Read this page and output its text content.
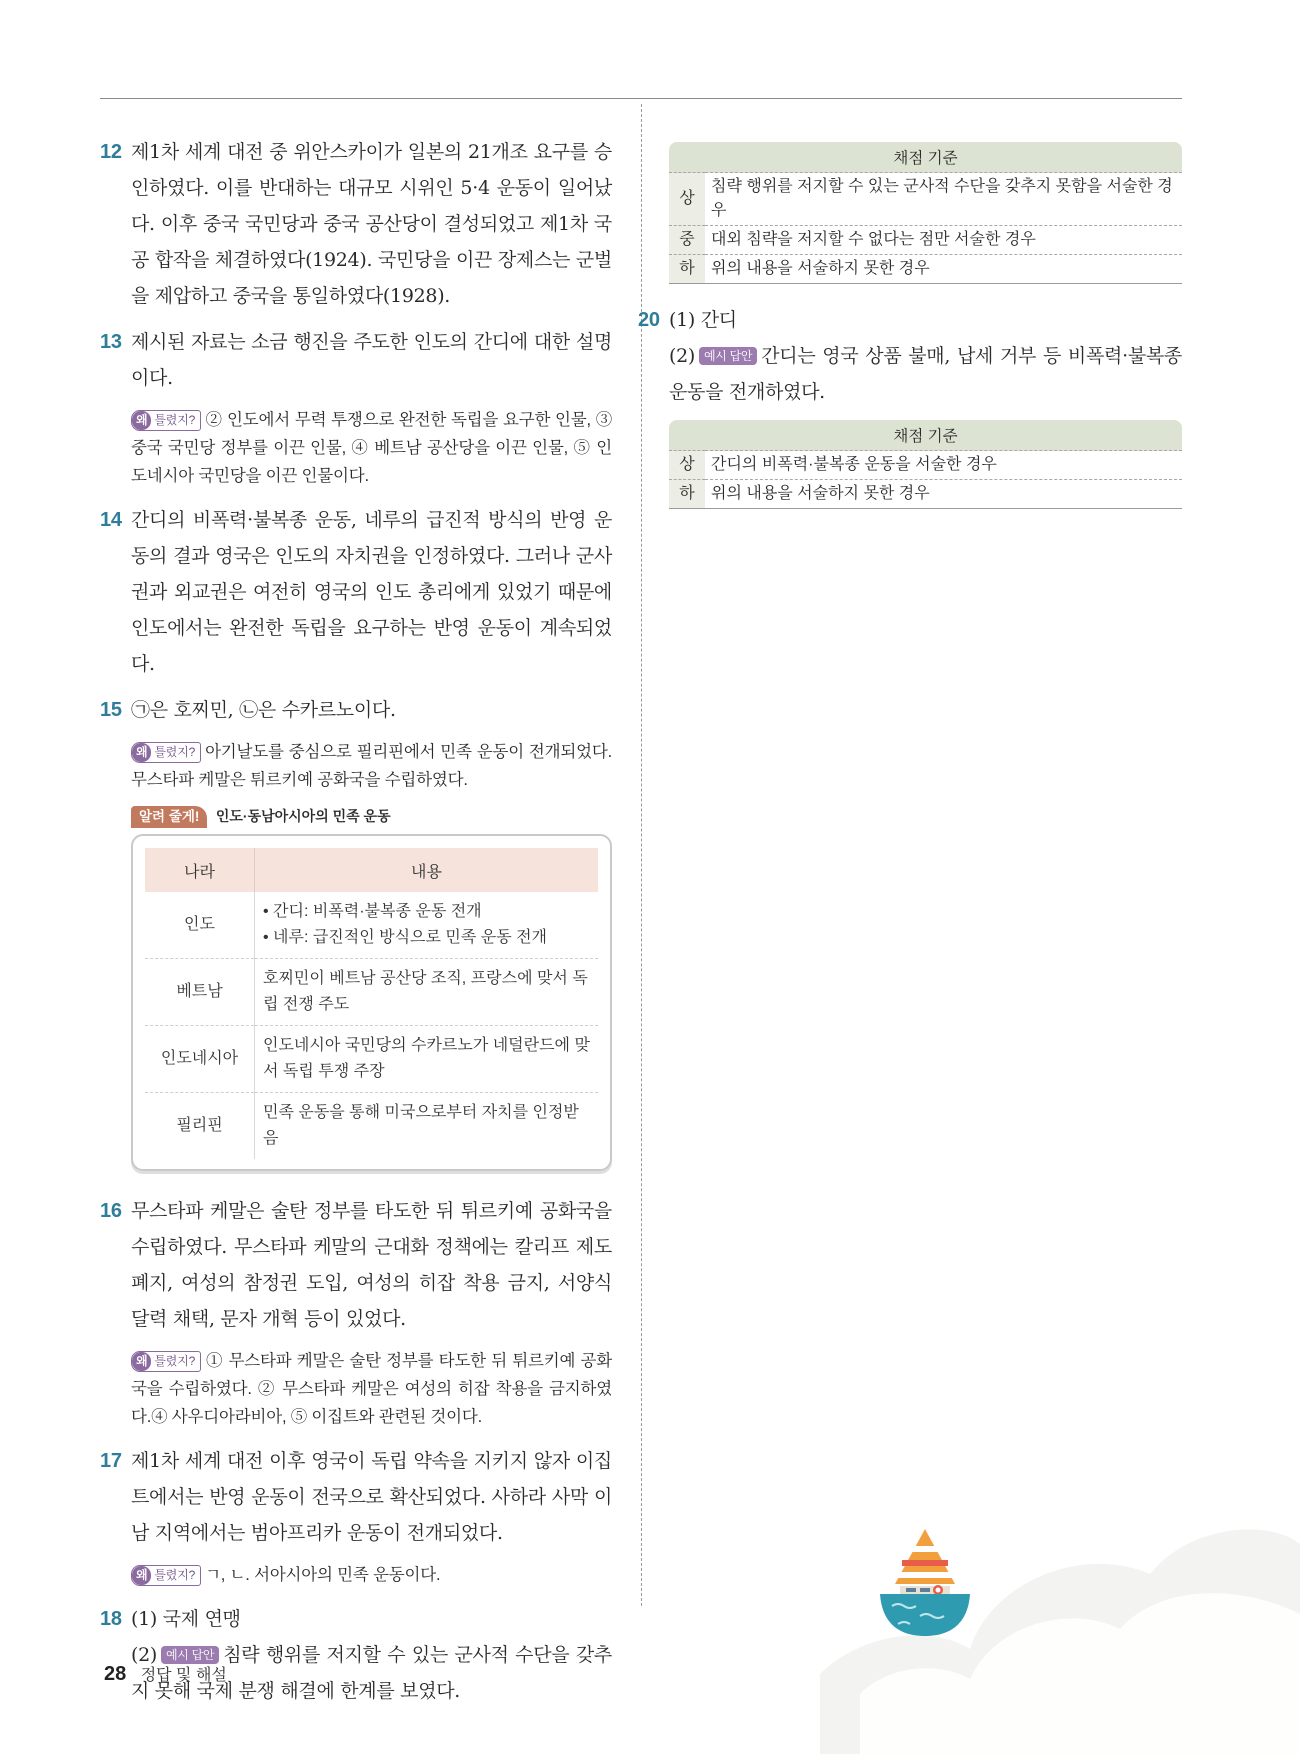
12 제1차 세계 대전 중 위안스카이가 일본의 21개조 요구를 승인하였다. 이를 반대하는 대규모 시위인 5·4 운동이 일어났다. 이후 중국 국민당과 중국 공산당이 결성되었고 제1차 국공 합작을 체결하였다(1924). 국민당을 이끈 장제스는 군벌을 제압하고 중국을 통일하였다(1928).
13 제시된 자료는 소금 행진을 주도한 인도의 간디에 대한 설명이다.
왜 틀렸지? ② 인도에서 무력 투쟁으로 완전한 독립을 요구한 인물, ③ 중국 국민당 정부를 이끈 인물, ④ 베트남 공산당을 이끈 인물, ⑤ 인도네시아 국민당을 이끈 인물이다.
14 간디의 비폭력·불복종 운동, 네루의 급진적 방식의 반영 운동의 결과 영국은 인도의 자치권을 인정하였다. 그러나 군사권과 외교권은 여전히 영국의 인도 총리에게 있었기 때문에 인도에서는 완전한 독립을 요구하는 반영 운동이 계속되었다.
15 ㉠은 호찌민, ㉡은 수카르노이다.
왜 틀렸지? 아기날도를 중심으로 필리핀에서 민족 운동이 전개되었다. 무스타파 케말은 튀르키예 공화국을 수립하였다.
알려 줄게! 인도·동남아시아의 민족 운동
나라	내용
인도	• 간디: 비폭력·불복종 운동 전개
• 네루: 급진적인 방식으로 민족 운동 전개

베트남	호찌민이 베트남 공산당 조직, 프랑스에 맞서 독립 전쟁 주도
인도네시아	인도네시아 국민당의 수카르노가 네덜란드에 맞서 독립 투쟁 주장
필리핀	민족 운동을 통해 미국으로부터 자치를 인정받음
16 무스타파 케말은 술탄 정부를 타도한 뒤 튀르키예 공화국을 수립하였다. 무스타파 케말의 근대화 정책에는 칼리프 제도 폐지, 여성의 참정권 도입, 여성의 히잡 착용 금지, 서양식 달력 채택, 문자 개혁 등이 있었다.
왜 틀렸지? ① 무스타파 케말은 술탄 정부를 타도한 뒤 튀르키예 공화국을 수립하였다. ② 무스타파 케말은 여성의 히잡 착용을 금지하였다.④ 사우디아라비아, ⑤ 이집트와 관련된 것이다.
17 제1차 세계 대전 이후 영국이 독립 약속을 지키지 않자 이집트에서는 반영 운동이 전국으로 확산되었다. 사하라 사막 이남 지역에서는 범아프리카 운동이 전개되었다.
왜 틀렸지? ㄱ, ㄴ. 서아시아의 민족 운동이다.
18 (1) 국제 연맹
(2) 예시 답안 침략 행위를 저지할 수 있는 군사적 수단을 갖추지 못해 국제 분쟁 해결에 한계를 보였다.
채점 기준	
상	침략 행위를 저지할 수 있는 군사적 수단을 갖추지 못함을 서술한 경우
중	대외 침략을 저지할 수 없다는 점만 서술한 경우
하	위의 내용을 서술하지 못한 경우
20 (1) 간디
(2) 예시 답안 간디는 영국 상품 불매, 납세 거부 등 비폭력·불복종 운동을 전개하였다.
채점 기준	
상	간디의 비폭력·불복종 운동을 서술한 경우
하	위의 내용을 서술하지 못한 경우
28 정답 및 해설
